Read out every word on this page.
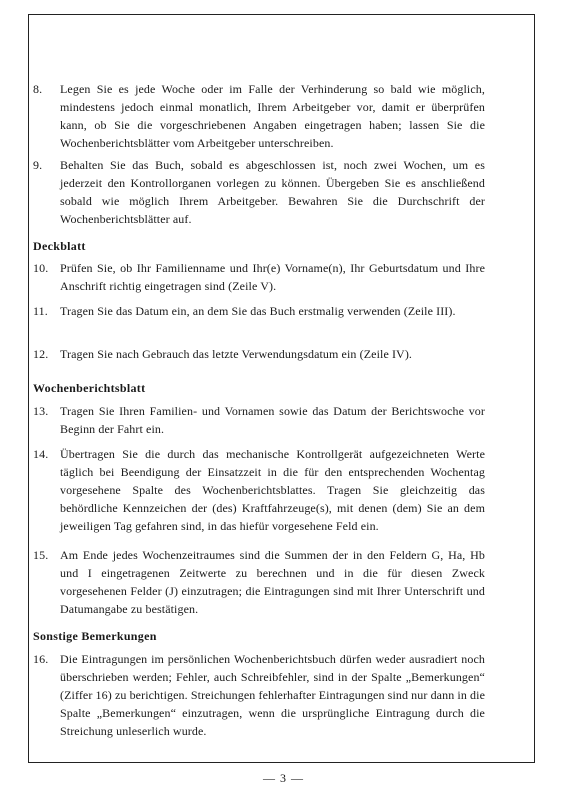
8.	Legen Sie es jede Woche oder im Falle der Verhinderung so bald wie möglich, mindestens jedoch einmal monatlich, Ihrem Arbeitgeber vor, damit er überprüfen kann, ob Sie die vorgeschriebenen Angaben eingetragen haben; lassen Sie die Wochenberichtsblätter vom Arbeitgeber unterschreiben.
9.	Behalten Sie das Buch, sobald es abgeschlossen ist, noch zwei Wochen, um es jederzeit den Kontrollorganen vorlegen zu können. Übergeben Sie es anschließend sobald wie möglich Ihrem Arbeitgeber. Bewahren Sie die Durchschrift der Wochenberichtsblätter auf.
Deckblatt
10. Prüfen Sie, ob Ihr Familienname und Ihr(e) Vorname(n), Ihr Geburtsdatum und Ihre Anschrift richtig eingetragen sind (Zeile V).
11.	Tragen Sie das Datum ein, an dem Sie das Buch erstmalig verwenden (Zeile III).
12. Tragen Sie nach Gebrauch das letzte Verwendungsdatum ein (Zeile IV).
Wochenberichtsblatt
13. Tragen Sie Ihren Familien- und Vornamen sowie das Datum der Berichtswoche vor Beginn der Fahrt ein.
14. Übertragen Sie die durch das mechanische Kontrollgerät aufgezeichneten Werte täglich bei Beendigung der Einsatzzeit in die für den entsprechenden Wochentag vorgesehene Spalte des Wochenberichtsblattes. Tragen Sie gleichzeitig das behördliche Kennzeichen der (des) Kraftfahrzeuge(s), mit denen (dem) Sie an dem jeweiligen Tag gefahren sind, in das hiefür vorgesehene Feld ein.
15. Am Ende jedes Wochenzeitraumes sind die Summen der in den Feldern G, Ha, Hb und I eingetragenen Zeitwerte zu berechnen und in die für diesen Zweck vorgesehenen Felder (J) einzutragen; die Eintragungen sind mit Ihrer Unterschrift und Datumangabe zu bestätigen.
Sonstige Bemerkungen
16. Die Eintragungen im persönlichen Wochenberichtsbuch dürfen weder ausradiert noch überschrieben werden; Fehler, auch Schreibfehler, sind in der Spalte „Bemerkungen“ (Ziffer 16) zu berichtigen. Streichungen fehlerhafter Eintragungen sind nur dann in die Spalte „Bemerkungen“ einzutragen, wenn die ursprüngliche Eintragung durch die Streichung unleserlich wurde.
— 3 —
